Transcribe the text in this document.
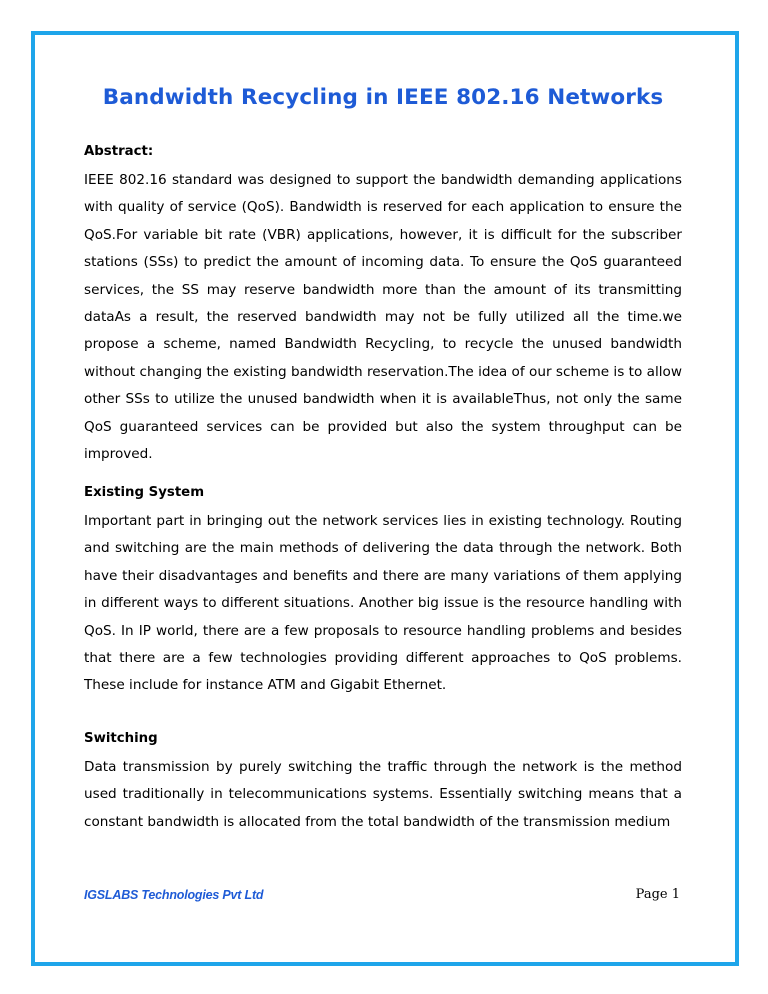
Bandwidth Recycling in IEEE 802.16 Networks
Abstract:

IEEE 802.16 standard was designed to support the bandwidth demanding applications with quality of service (QoS). Bandwidth is reserved for each application to ensure the QoS.For variable bit rate (VBR) applications, however, it is difficult for the subscriber stations (SSs) to predict the amount of incoming data. To ensure the QoS guaranteed services, the SS may reserve bandwidth more than the amount of its transmitting dataAs a result, the reserved bandwidth may not be fully utilized all the time.we propose a scheme, named Bandwidth Recycling, to recycle the unused bandwidth without changing the existing bandwidth reservation.The idea of our scheme is to allow other SSs to utilize the unused bandwidth when it is availableThus, not only the same QoS guaranteed services can be provided but also the system throughput can be improved.

Existing System

Important part in bringing out the network services lies in existing technology. Routing and switching are the main methods of delivering the data through the network. Both have their disadvantages and benefits and there are many variations of them applying in different ways to different situations. Another big issue is the resource handling with QoS. In IP world, there are a few proposals to resource handling problems and besides that there are a few technologies providing different approaches to QoS problems. These include for instance ATM and Gigabit Ethernet.

Switching

Data transmission by purely switching the traffic through the network is the method used traditionally in telecommunications systems. Essentially switching means that a constant bandwidth is allocated from the total bandwidth of the transmission medium

IGSLABS Technologies Pvt Ltd	Page 1
